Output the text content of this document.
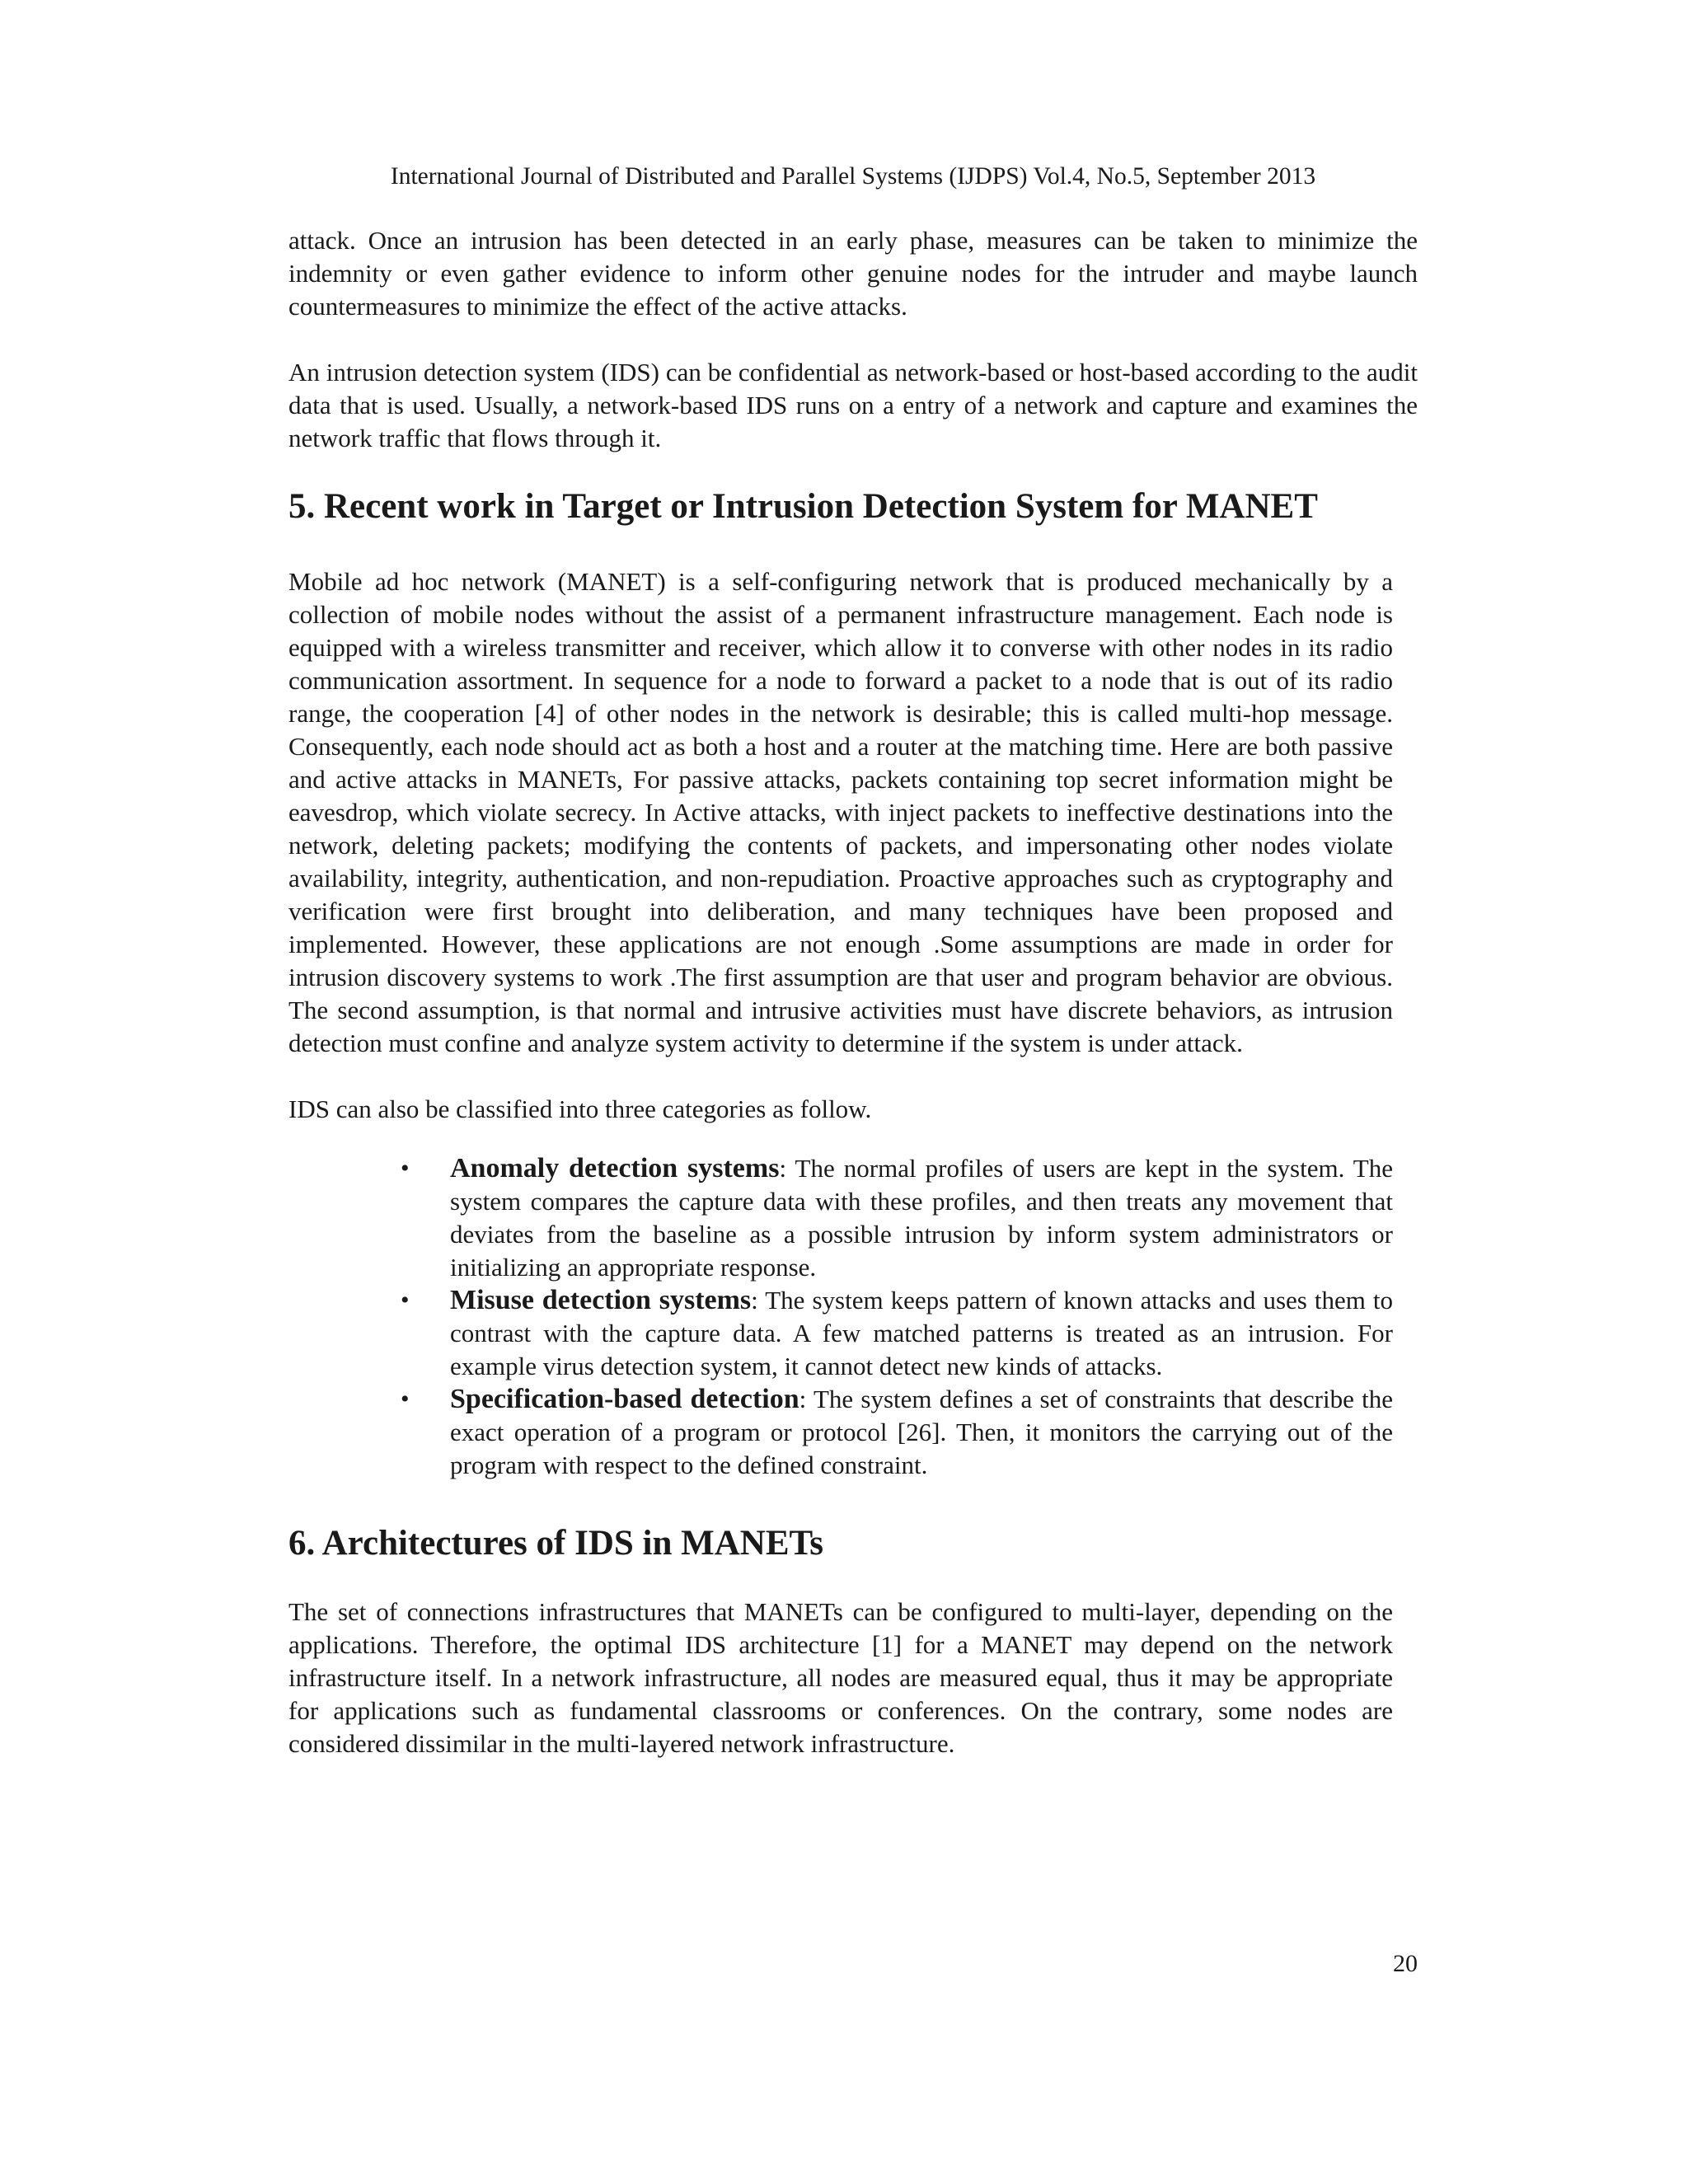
International Journal of Distributed and Parallel Systems (IJDPS) Vol.4, No.5, September 2013

attack. Once an intrusion has been detected in an early phase, measures can be taken to minimize the indemnity or even gather evidence to inform other genuine nodes for the intruder and maybe launch countermeasures to minimize the effect of the active attacks.

An intrusion detection system (IDS) can be confidential as network-based or host-based according to the audit data that is used. Usually, a network-based IDS runs on a entry of a network and capture and examines the network traffic that flows through it.

5. Recent work in Target or Intrusion Detection System for MANET

Mobile ad hoc network (MANET) is a self-configuring network that is produced mechanically by a collection of mobile nodes without the assist of a permanent infrastructure management. Each node is equipped with a wireless transmitter and receiver, which allow it to converse with other nodes in its radio communication assortment. In sequence for a node to forward a packet to a node that is out of its radio range, the cooperation [4] of other nodes in the network is desirable; this is called multi-hop message. Consequently, each node should act as both a host and a router at the matching time. Here are both passive and active attacks in MANETs, For passive attacks, packets containing top secret information might be eavesdrop, which violate secrecy. In Active attacks, with inject packets to ineffective destinations into the network, deleting packets; modifying the contents of packets, and impersonating other nodes violate availability, integrity, authentication, and non-repudiation. Proactive approaches such as cryptography and verification were first brought into deliberation, and many techniques have been proposed and implemented. However, these applications are not enough .Some assumptions are made in order for intrusion discovery systems to work .The first assumption are that user and program behavior are obvious. The second assumption, is that normal and intrusive activities must have discrete behaviors, as intrusion detection must confine and analyze system activity to determine if the system is under attack.

IDS can also be classified into three categories as follow.

• Anomaly detection systems: The normal profiles of users are kept in the system. The system compares the capture data with these profiles, and then treats any movement that deviates from the baseline as a possible intrusion by inform system administrators or initializing an appropriate response.
• Misuse detection systems: The system keeps pattern of known attacks and uses them to contrast with the capture data. A few matched patterns is treated as an intrusion. For example virus detection system, it cannot detect new kinds of attacks.
• Specification-based detection: The system defines a set of constraints that describe the exact operation of a program or protocol [26]. Then, it monitors the carrying out of the program with respect to the defined constraint.
6. Architectures of IDS in MANETs

The set of connections infrastructures that MANETs can be configured to multi-layer, depending on the applications. Therefore, the optimal IDS architecture [1] for a MANET may depend on the network infrastructure itself. In a network infrastructure, all nodes are measured equal, thus it may be appropriate for applications such as fundamental classrooms or conferences. On the contrary, some nodes are considered dissimilar in the multi-layered network infrastructure.

20
